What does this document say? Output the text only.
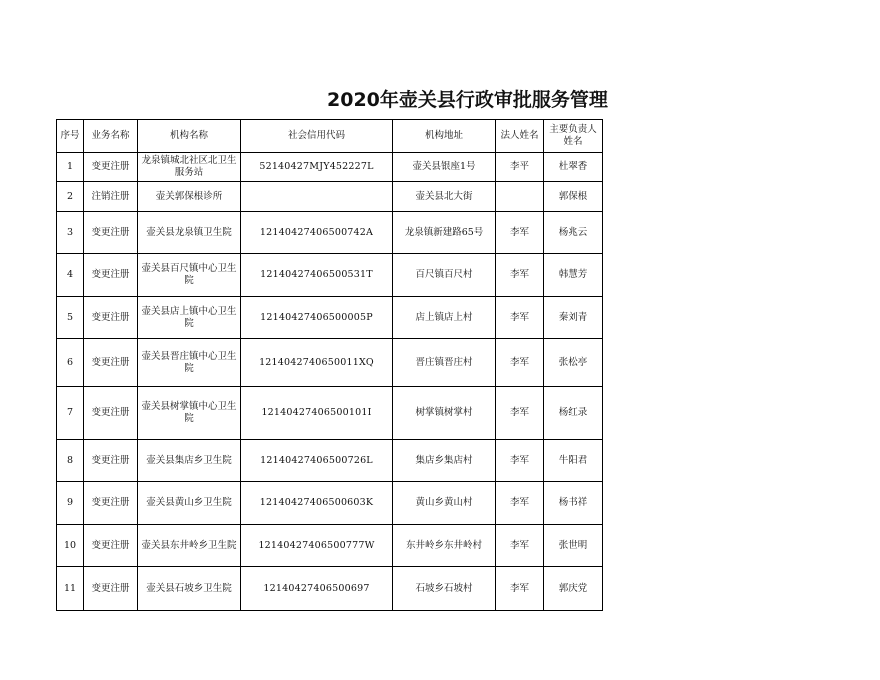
2020年壶关县行政审批服务管理
序号	业务名称	机构名称	社会信用代码	机构地址	法人姓名	主要负责人姓名
1	变更注册	龙泉镇城北社区北卫生服务站	52140427MJY452227L	壶关县银座1号	李平	杜翠香
2	注销注册	壶关郭保根诊所		壶关县北大街		郭保根
3	变更注册	壶关县龙泉镇卫生院	12140427406500742A	龙泉镇新建路65号	李军	杨兆云
4	变更注册	壶关县百尺镇中心卫生院	12140427406500531T	百尺镇百尺村	李军	韩慧芳
5	变更注册	壶关县店上镇中心卫生院	12140427406500005P	店上镇店上村	李军	秦刘青
6	变更注册	壶关县晋庄镇中心卫生院	1214042740650011XQ	晋庄镇晋庄村	李军	张松亭
7	变更注册	壶关县树掌镇中心卫生院	12140427406500101I	树掌镇树掌村	李军	杨红录
8	变更注册	壶关县集店乡卫生院	12140427406500726L	集店乡集店村	李军	牛阳君
9	变更注册	壶关县黄山乡卫生院	12140427406500603K	黄山乡黄山村	李军	杨书祥
10	变更注册	壶关县东井岭乡卫生院	12140427406500777W	东井岭乡东井岭村	李军	张世明
11	变更注册	壶关县石坡乡卫生院	12140427406500697	石坡乡石坡村	李军	郭庆党
